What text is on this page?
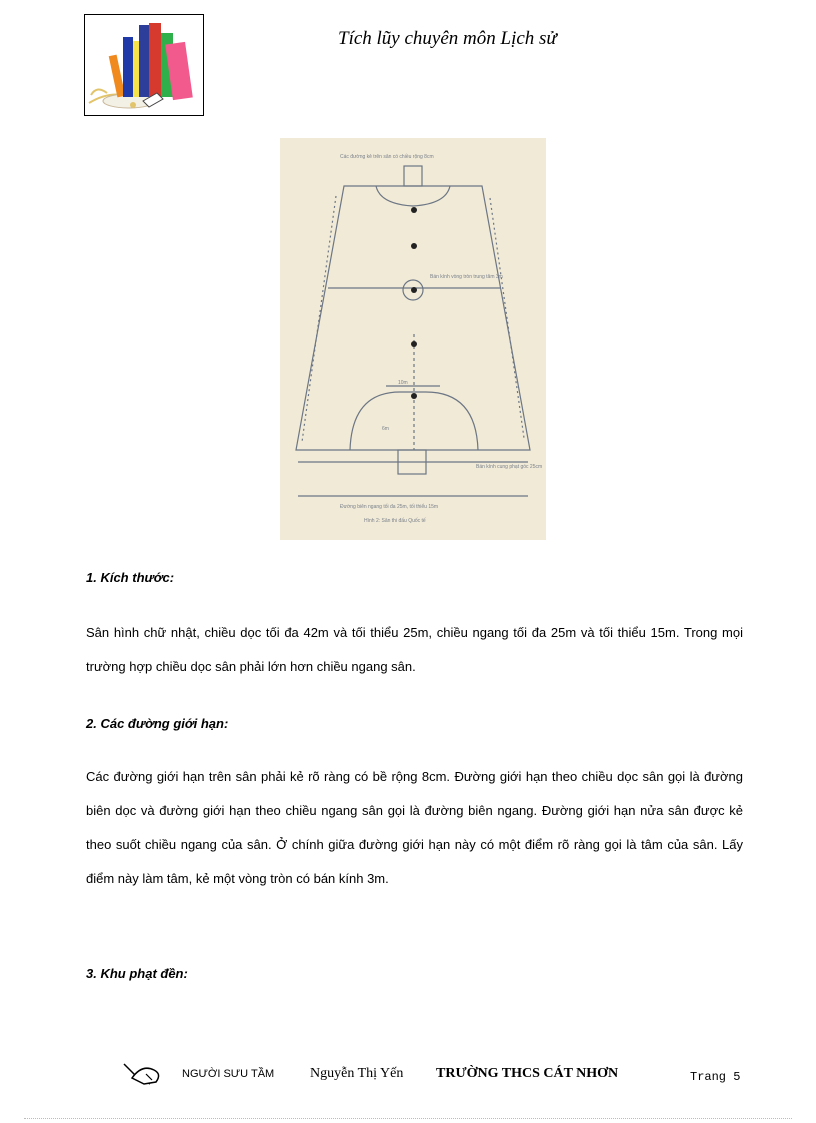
Tích lũy chuyên môn Lịch sử
Các đường kẻ trên sân có chiều rộng 8cm
Bán kính vòng tròn trung tâm 3m
6m
10m
Bán kính cung phạt góc 25cm
Đường biên ngang tối đa 25m, tối thiểu 15m
Hình 2: Sân thi đấu Quốc tế
1. Kích thước:
Sân hình chữ nhật, chiều dọc tối đa 42m và tối thiểu 25m, chiều ngang tối đa 25m và tối thiểu 15m. Trong mọi trường hợp chiều dọc sân phải lớn hơn chiều ngang sân.
2. Các đường giới hạn:
Các đường giới hạn trên sân phải kẻ rõ ràng có bề rộng 8cm. Đường giới hạn theo chiều dọc sân gọi là đường biên dọc và đường giới hạn theo chiều ngang sân gọi là đường biên ngang. Đường giới hạn nửa sân được kẻ theo suốt chiều ngang của sân. Ở chính giữa đường giới hạn này có một điểm rõ ràng gọi là tâm của sân. Lấy điểm này làm tâm, kẻ một vòng tròn có bán kính 3m.
3. Khu phạt đền:
NGƯỜI SƯU TẦM	Nguyễn Thị Yến TRƯỜNG THCS CÁT NHƠN	Trang 5
